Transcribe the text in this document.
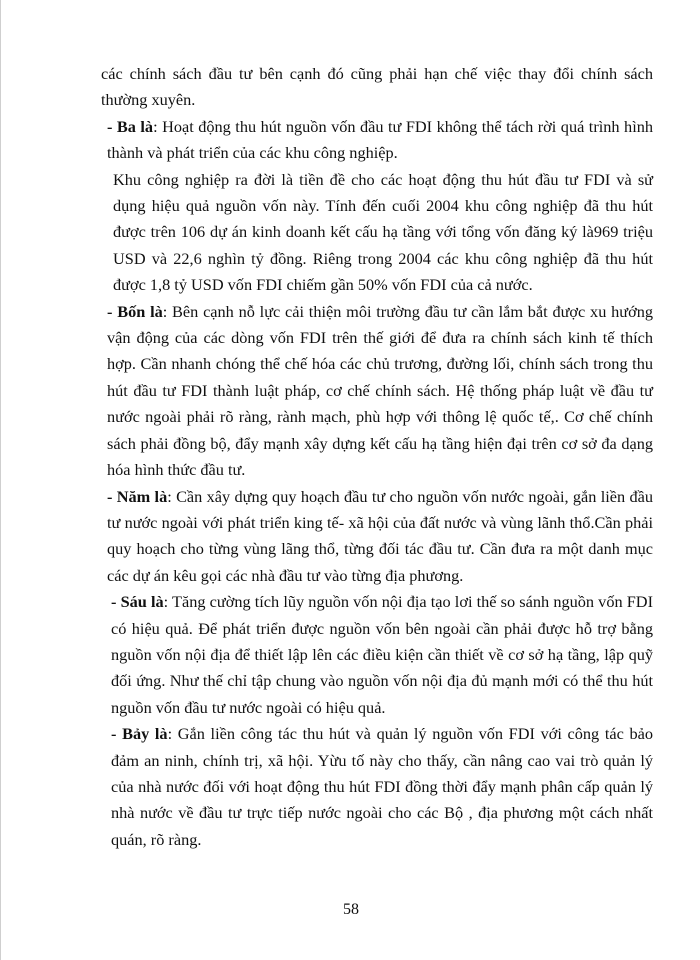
các chính sách đầu tư bên cạnh đó cũng phải hạn chế việc thay đổi chính sách thường xuyên.

- Ba là: Hoạt động thu hút nguồn vốn đầu tư FDI không thể tách rời quá trình hình thành và phát triển của các khu công nghiệp.

Khu công nghiệp ra đời là tiền đề cho các hoạt động thu hút đầu tư FDI và sử dụng hiệu quả nguồn vốn này. Tính đến cuối 2004 khu công nghiệp đã thu hút được trên 106 dự án kinh doanh kết cấu hạ tầng với tổng vốn đăng ký là969 triệu USD và 22,6 nghìn tỷ đồng. Riêng trong 2004 các khu công nghiệp đã thu hút được 1,8 tỷ USD vốn FDI chiếm gần 50% vốn FDI của cả nước.

- Bốn là: Bên cạnh nỗ lực cải thiện môi trường đầu tư cần lắm bắt được xu hướng vận động của các dòng vốn FDI trên thế giới để đưa ra chính sách kinh tế thích hợp. Cần nhanh chóng thể chế hóa các chủ trương, đường lối, chính sách trong thu hút đầu tư FDI thành luật pháp, cơ chế chính sách. Hệ thống pháp luật về đầu tư nước ngoài phải rõ ràng, rành mạch, phù hợp với thông lệ quốc tế,. Cơ chế chính sách phải đồng bộ, đẩy mạnh xây dựng kết cấu hạ tầng hiện đại trên cơ sở đa dạng hóa hình thức đầu tư.

- Năm là: Cần xây dựng quy hoạch đầu tư cho nguồn vốn nước ngoài, gắn liền đầu tư nước ngoài với phát triển king tế- xã hội của đất nước và vùng lãnh thổ.Cần phải quy hoạch cho từng vùng lãng thổ, từng đối tác đầu tư. Cần đưa ra một danh mục các dự án kêu gọi các nhà đầu tư vào từng địa phương.

- Sáu là: Tăng cường tích lũy nguồn vốn nội địa tạo lơi thế so sánh nguồn vốn FDI có hiệu quả. Để phát triển được nguồn vốn bên ngoài cần phải được hỗ trợ bằng nguồn vốn nội địa để thiết lập lên các điều kiện cần thiết về cơ sở hạ tầng, lập quỹ đối ứng. Như thế chỉ tập chung vào nguồn vốn nội địa đủ mạnh mới có thể thu hút nguồn vốn đầu tư nước ngoài có hiệu quả.

- Bảy là: Gắn liền công tác thu hút và quản lý nguồn vốn FDI với công tác bảo đảm an ninh, chính trị, xã hội. Yừu tố này cho thấy, cần nâng cao vai trò quản lý của nhà nước đối với hoạt động thu hút FDI đồng thời đẩy mạnh phân cấp quản lý nhà nước về đầu tư trực tiếp nước ngoài cho các Bộ , địa phương một cách nhất quán, rõ ràng.

58
